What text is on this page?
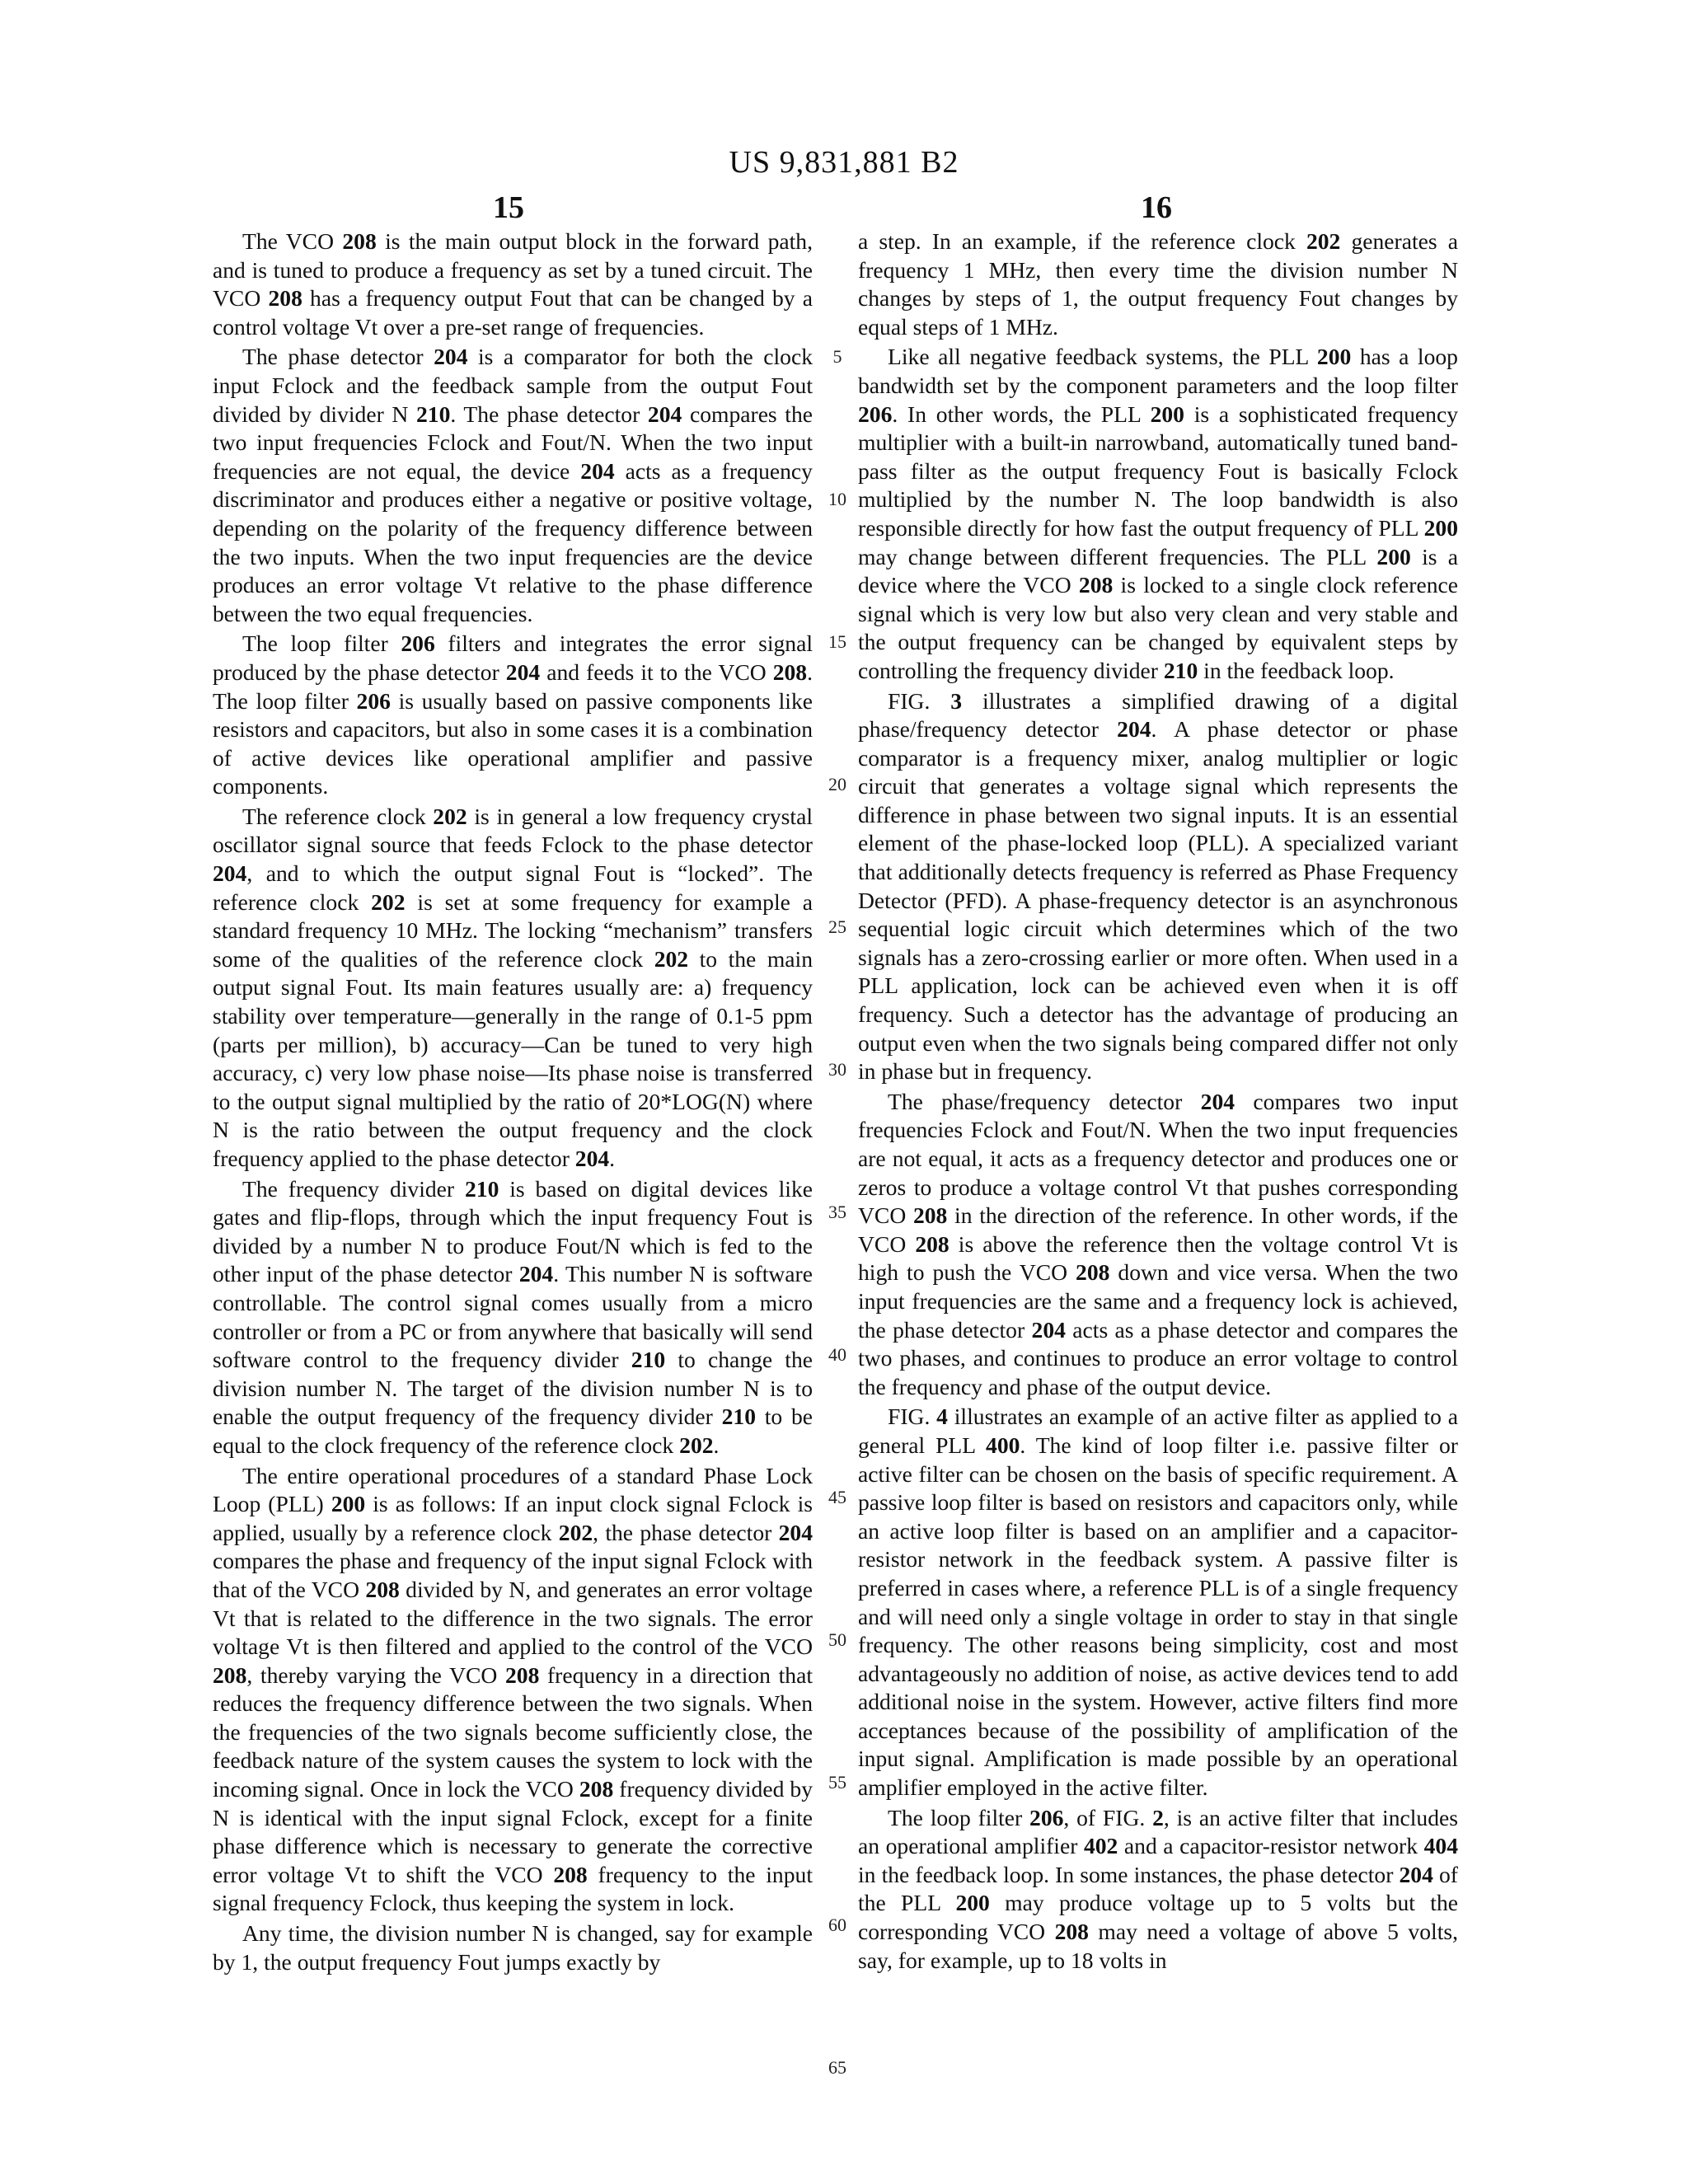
US 9,831,881 B2
15	16

The VCO 208 is the main output block in the forward path, and is tuned to produce a frequency as set by a tuned circuit. The VCO 208 has a frequency output Fout that can be changed by a control voltage Vt over a pre-set range of frequencies.

The phase detector 204 is a comparator for both the clock input Fclock and the feedback sample from the output Fout divided by divider N 210. The phase detector 204 compares the two input frequencies Fclock and Fout/N. When the two input frequencies are not equal, the device 204 acts as a frequency discriminator and produces either a negative or positive voltage, depending on the polarity of the frequency difference between the two inputs. When the two input frequencies are the device produces an error voltage Vt relative to the phase difference between the two equal frequencies.

The loop filter 206 filters and integrates the error signal produced by the phase detector 204 and feeds it to the VCO 208. The loop filter 206 is usually based on passive components like resistors and capacitors, but also in some cases it is a combination of active devices like operational amplifier and passive components.

The reference clock 202 is in general a low frequency crystal oscillator signal source that feeds Fclock to the phase detector 204, and to which the output signal Fout is “locked”. The reference clock 202 is set at some frequency for example a standard frequency 10 MHz. The locking “mechanism” transfers some of the qualities of the reference clock 202 to the main output signal Fout. Its main features usually are: a) frequency stability over temperature—generally in the range of 0.1-5 ppm (parts per million), b) accuracy—Can be tuned to very high accuracy, c) very low phase noise—Its phase noise is transferred to the output signal multiplied by the ratio of 20*LOG(N) where N is the ratio between the output frequency and the clock frequency applied to the phase detector 204.

The frequency divider 210 is based on digital devices like gates and flip-flops, through which the input frequency Fout is divided by a number N to produce Fout/N which is fed to the other input of the phase detector 204. This number N is software controllable. The control signal comes usually from a micro controller or from a PC or from anywhere that basically will send software control to the frequency divider 210 to change the division number N. The target of the division number N is to enable the output frequency of the frequency divider 210 to be equal to the clock frequency of the reference clock 202.

The entire operational procedures of a standard Phase Lock Loop (PLL) 200 is as follows: If an input clock signal Fclock is applied, usually by a reference clock 202, the phase detector 204 compares the phase and frequency of the input signal Fclock with that of the VCO 208 divided by N, and generates an error voltage Vt that is related to the difference in the two signals. The error voltage Vt is then filtered and applied to the control of the VCO 208, thereby varying the VCO 208 frequency in a direction that reduces the frequency difference between the two signals. When the frequencies of the two signals become sufficiently close, the feedback nature of the system causes the system to lock with the incoming signal. Once in lock the VCO 208 frequency divided by N is identical with the input signal Fclock, except for a finite phase difference which is necessary to generate the corrective error voltage Vt to shift the VCO 208 frequency to the input signal frequency Fclock, thus keeping the system in lock.

Any time, the division number N is changed, say for example by 1, the output frequency Fout jumps exactly by

5
10
15
20
25
30
35
40
45
50
55
60
65

a step. In an example, if the reference clock 202 generates a frequency 1 MHz, then every time the division number N changes by steps of 1, the output frequency Fout changes by equal steps of 1 MHz.

Like all negative feedback systems, the PLL 200 has a loop bandwidth set by the component parameters and the loop filter 206. In other words, the PLL 200 is a sophisticated frequency multiplier with a built-in narrowband, automatically tuned band-pass filter as the output frequency Fout is basically Fclock multiplied by the number N. The loop bandwidth is also responsible directly for how fast the output frequency of PLL 200 may change between different frequencies. The PLL 200 is a device where the VCO 208 is locked to a single clock reference signal which is very low but also very clean and very stable and the output frequency can be changed by equivalent steps by controlling the frequency divider 210 in the feedback loop.

FIG. 3 illustrates a simplified drawing of a digital phase/frequency detector 204. A phase detector or phase comparator is a frequency mixer, analog multiplier or logic circuit that generates a voltage signal which represents the difference in phase between two signal inputs. It is an essential element of the phase-locked loop (PLL). A specialized variant that additionally detects frequency is referred as Phase Frequency Detector (PFD). A phase-frequency detector is an asynchronous sequential logic circuit which determines which of the two signals has a zero-crossing earlier or more often. When used in a PLL application, lock can be achieved even when it is off frequency. Such a detector has the advantage of producing an output even when the two signals being compared differ not only in phase but in frequency.

The phase/frequency detector 204 compares two input frequencies Fclock and Fout/N. When the two input frequencies are not equal, it acts as a frequency detector and produces one or zeros to produce a voltage control Vt that pushes corresponding VCO 208 in the direction of the reference. In other words, if the VCO 208 is above the reference then the voltage control Vt is high to push the VCO 208 down and vice versa. When the two input frequencies are the same and a frequency lock is achieved, the phase detector 204 acts as a phase detector and compares the two phases, and continues to produce an error voltage to control the frequency and phase of the output device.

FIG. 4 illustrates an example of an active filter as applied to a general PLL 400. The kind of loop filter i.e. passive filter or active filter can be chosen on the basis of specific requirement. A passive loop filter is based on resistors and capacitors only, while an active loop filter is based on an amplifier and a capacitor-resistor network in the feedback system. A passive filter is preferred in cases where, a reference PLL is of a single frequency and will need only a single voltage in order to stay in that single frequency. The other reasons being simplicity, cost and most advantageously no addition of noise, as active devices tend to add additional noise in the system. However, active filters find more acceptances because of the possibility of amplification of the input signal. Amplification is made possible by an operational amplifier employed in the active filter.

The loop filter 206, of FIG. 2, is an active filter that includes an operational amplifier 402 and a capacitor-resistor network 404 in the feedback loop. In some instances, the phase detector 204 of the PLL 200 may produce voltage up to 5 volts but the corresponding VCO 208 may need a voltage of above 5 volts, say, for example, up to 18 volts in
